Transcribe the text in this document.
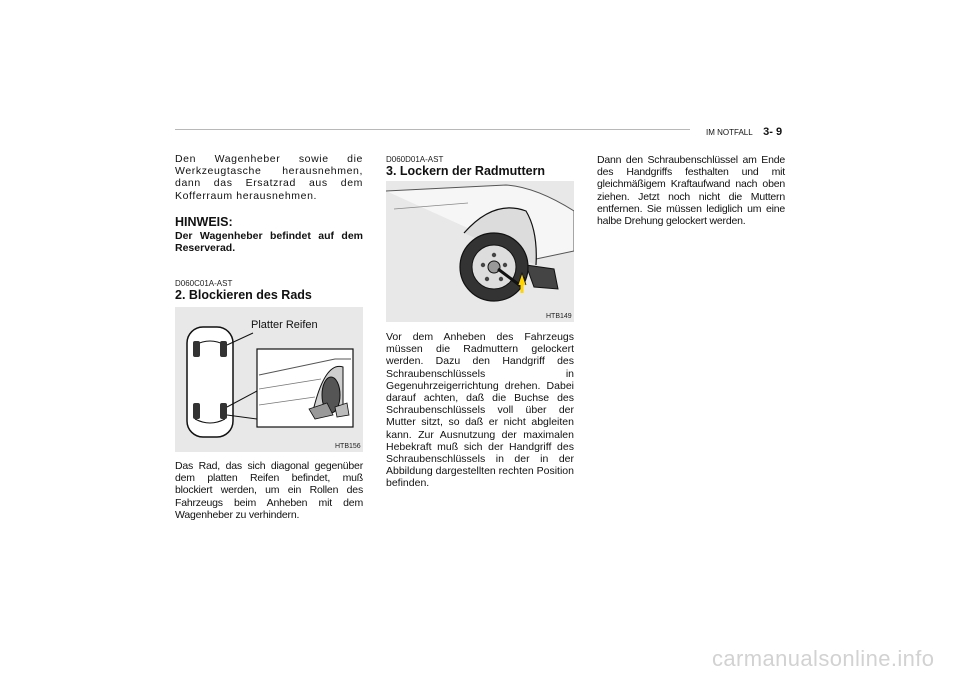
IM NOTFALL 3- 9
Den Wagenheber sowie die Werkzeugtasche herausnehmen, dann das Ersatzrad aus dem Kofferraum herausnehmen.
HINWEIS:
Der Wagenheber befindet auf dem Reserverad.
D060C01A-AST
2. Blockieren des Rads
Platter Reifen
HTB156
Das Rad, das sich diagonal gegenüber dem platten Reifen befindet, muß blockiert werden, um ein Rollen des Fahrzeugs beim Anheben mit dem Wagenheber zu verhindern.
D060D01A-AST
3. Lockern der Radmuttern
HTB149
Vor dem Anheben des Fahrzeugs müssen die Radmuttern gelockert werden. Dazu den Handgriff des Schraubenschlüssels in Gegenuhrzeigerrichtung drehen. Dabei darauf achten, daß die Buchse des Schraubenschlüssels voll über der Mutter sitzt, so daß er nicht abgleiten kann. Zur Ausnutzung der maximalen Hebekraft muß sich der Handgriff des Schraubenschlüssels in der in der Abbildung dargestellten rechten Position befinden.
Dann den Schraubenschlüssel am Ende des Handgriffs festhalten und mit gleichmäßigem Kraftaufwand nach oben ziehen. Jetzt noch nicht die Muttern entfernen. Sie müssen lediglich um eine halbe Drehung gelockert werden.
carmanualsonline.info
